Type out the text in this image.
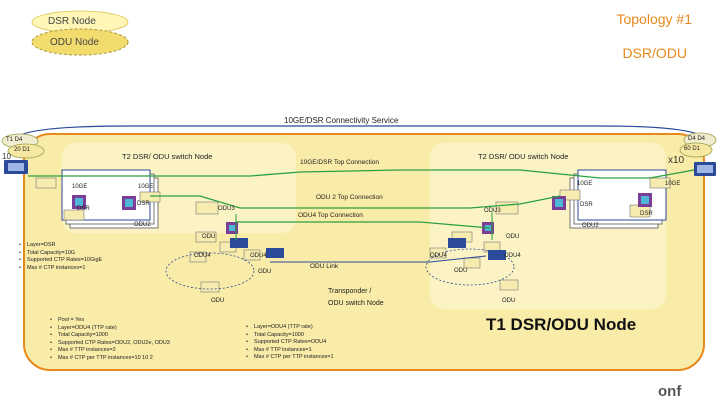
onf
DSR Node
ODU Node
Topology #1
DSR/ODU
10GE/DSR Connectivity Service
T1 D4
20 D1
10
D4 D4
60 D1
x10
T2 DSR/ ODU switch Node	T2 DSR/ ODU switch Node
10GE/DSR Top Connection
ODU 2 Top Connection
ODU4 Top Connection
ODU Link
Transponder /
ODU switch Node
T1 DSR/ODU Node
10GE	10GE	10GE	10GE
DSR
DSR	DSR
DSR
ODU2	ODU2
ODU3	ODU3
ODU	ODU
ODU4	ODU4	ODU4	ODU4
ODU	ODU
ODU	ODU
• Layer=DSR
• Total Capacity=10G
• Supported CTP Rates=10GigE
• Max # CTP instances=1
• Pool = Yes
• Layer=ODU4 (TTP rate)
• Total Capacity=1000
• Supported CTP Rates=ODU2, ODU2e, ODU3
• Max # TTP instances=2
• Max # CTP per TTP instances=10 10 2
• Layer=ODU4 (TTP rate)
• Total Capacity=1000
• Supported CTP Rates=ODU4
• Max # TTP instances=1
• Max # CTP per TTP instances=1
